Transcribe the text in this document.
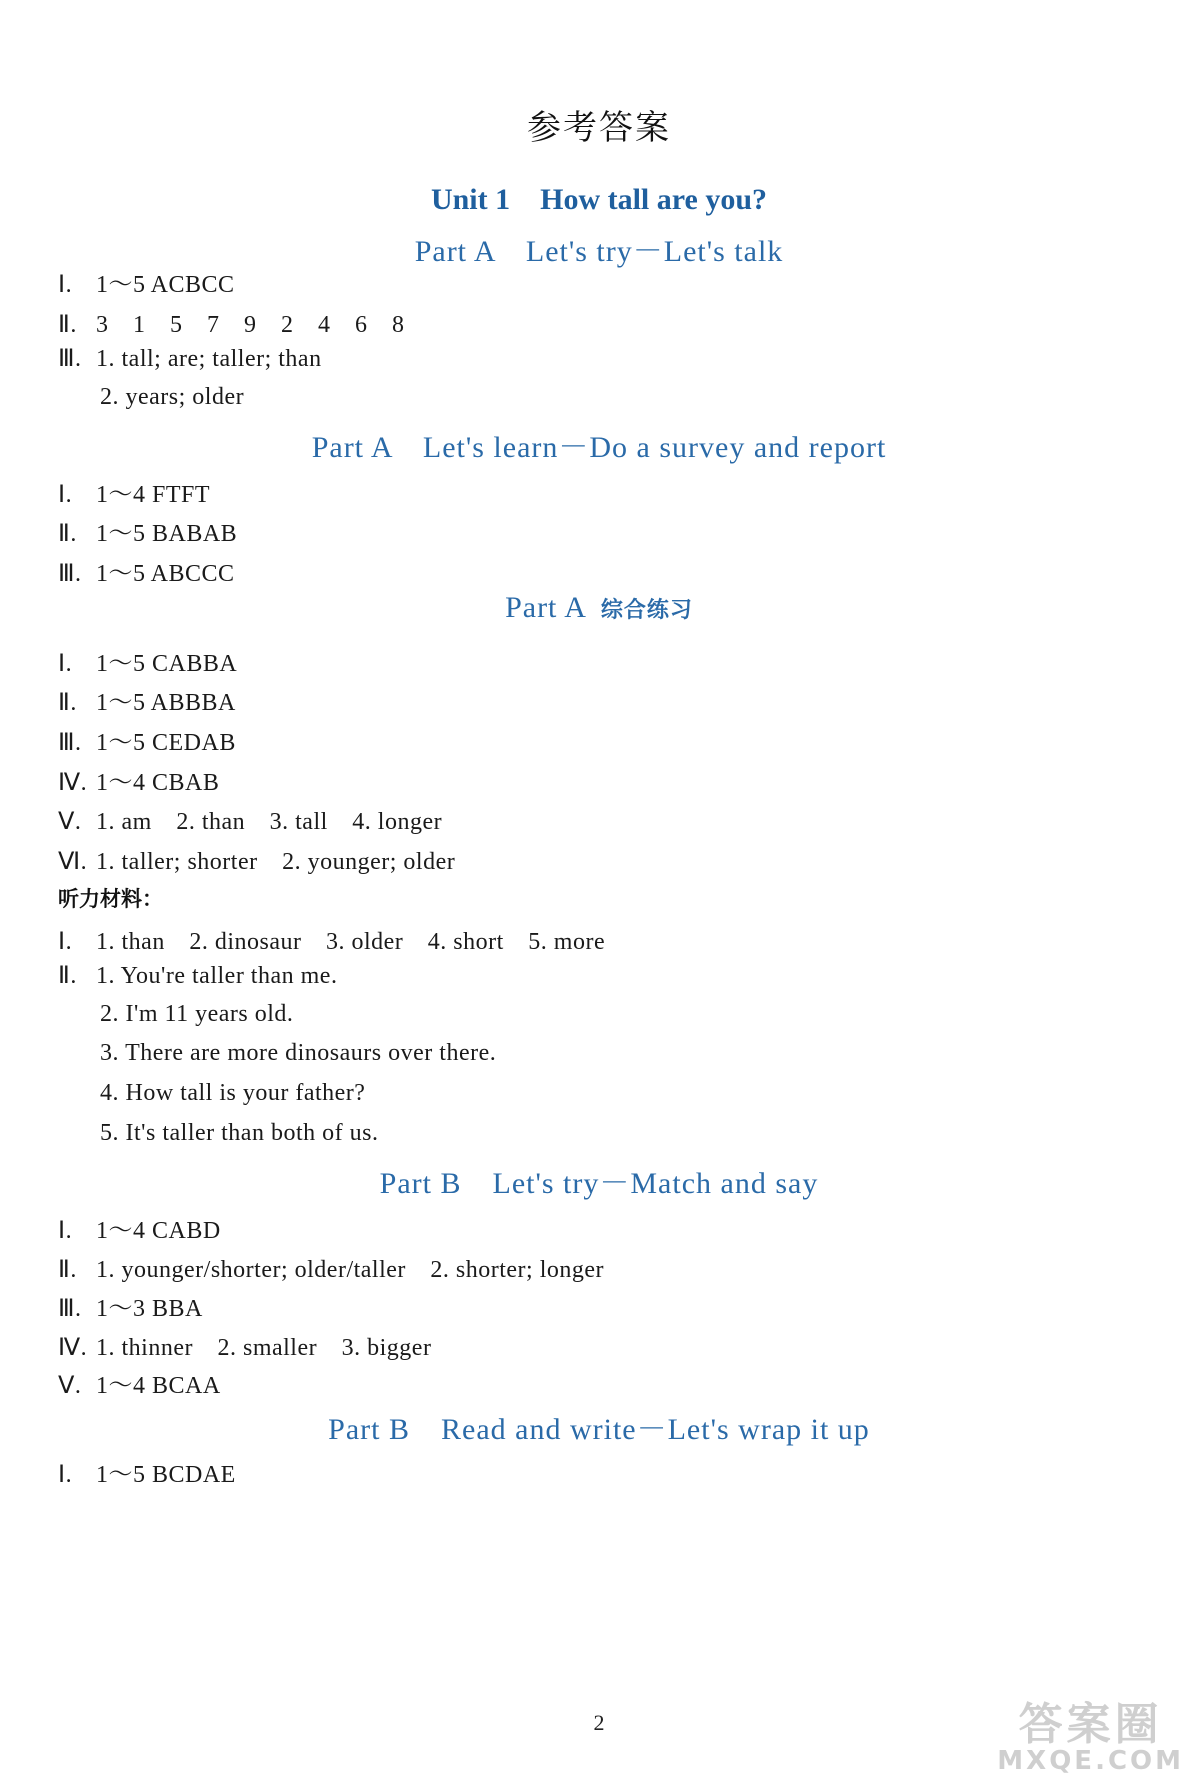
参考答案
Unit 1　How tall are you?
Part A　Let's try－Let's talk
Ⅰ. 1～5 ACBCC
Ⅱ. 3　1　5　7　9　2　4　6　8
Ⅲ. 1. tall; are; taller; than
2. years; older
Part A　Let's learn－Do a survey and report
Ⅰ. 1～4 FTFT
Ⅱ. 1～5 BABAB
Ⅲ. 1～5 ABCCC
Part A 综合练习
Ⅰ. 1～5 CABBA
Ⅱ. 1～5 ABBBA
Ⅲ. 1～5 CEDAB
Ⅳ. 1～4 CBAB
Ⅴ. 1. am　2. than　3. tall　4. longer
Ⅵ. 1. taller; shorter　2. younger; older
听力材料：
Ⅰ. 1. than　2. dinosaur　3. older　4. short　5. more
Ⅱ. 1. You're taller than me.
2. I'm 11 years old.
3. There are more dinosaurs over there.
4. How tall is your father?
5. It's taller than both of us.
Part B　Let's try－Match and say
Ⅰ. 1～4 CABD
Ⅱ. 1. younger/shorter; older/taller　2. shorter; longer
Ⅲ. 1～3 BBA
Ⅳ. 1. thinner　2. smaller　3. bigger
Ⅴ. 1～4 BCAA
Part B　Read and write－Let's wrap it up
Ⅰ. 1～5 BCDAE
2	答案圈
MXQE.COM
